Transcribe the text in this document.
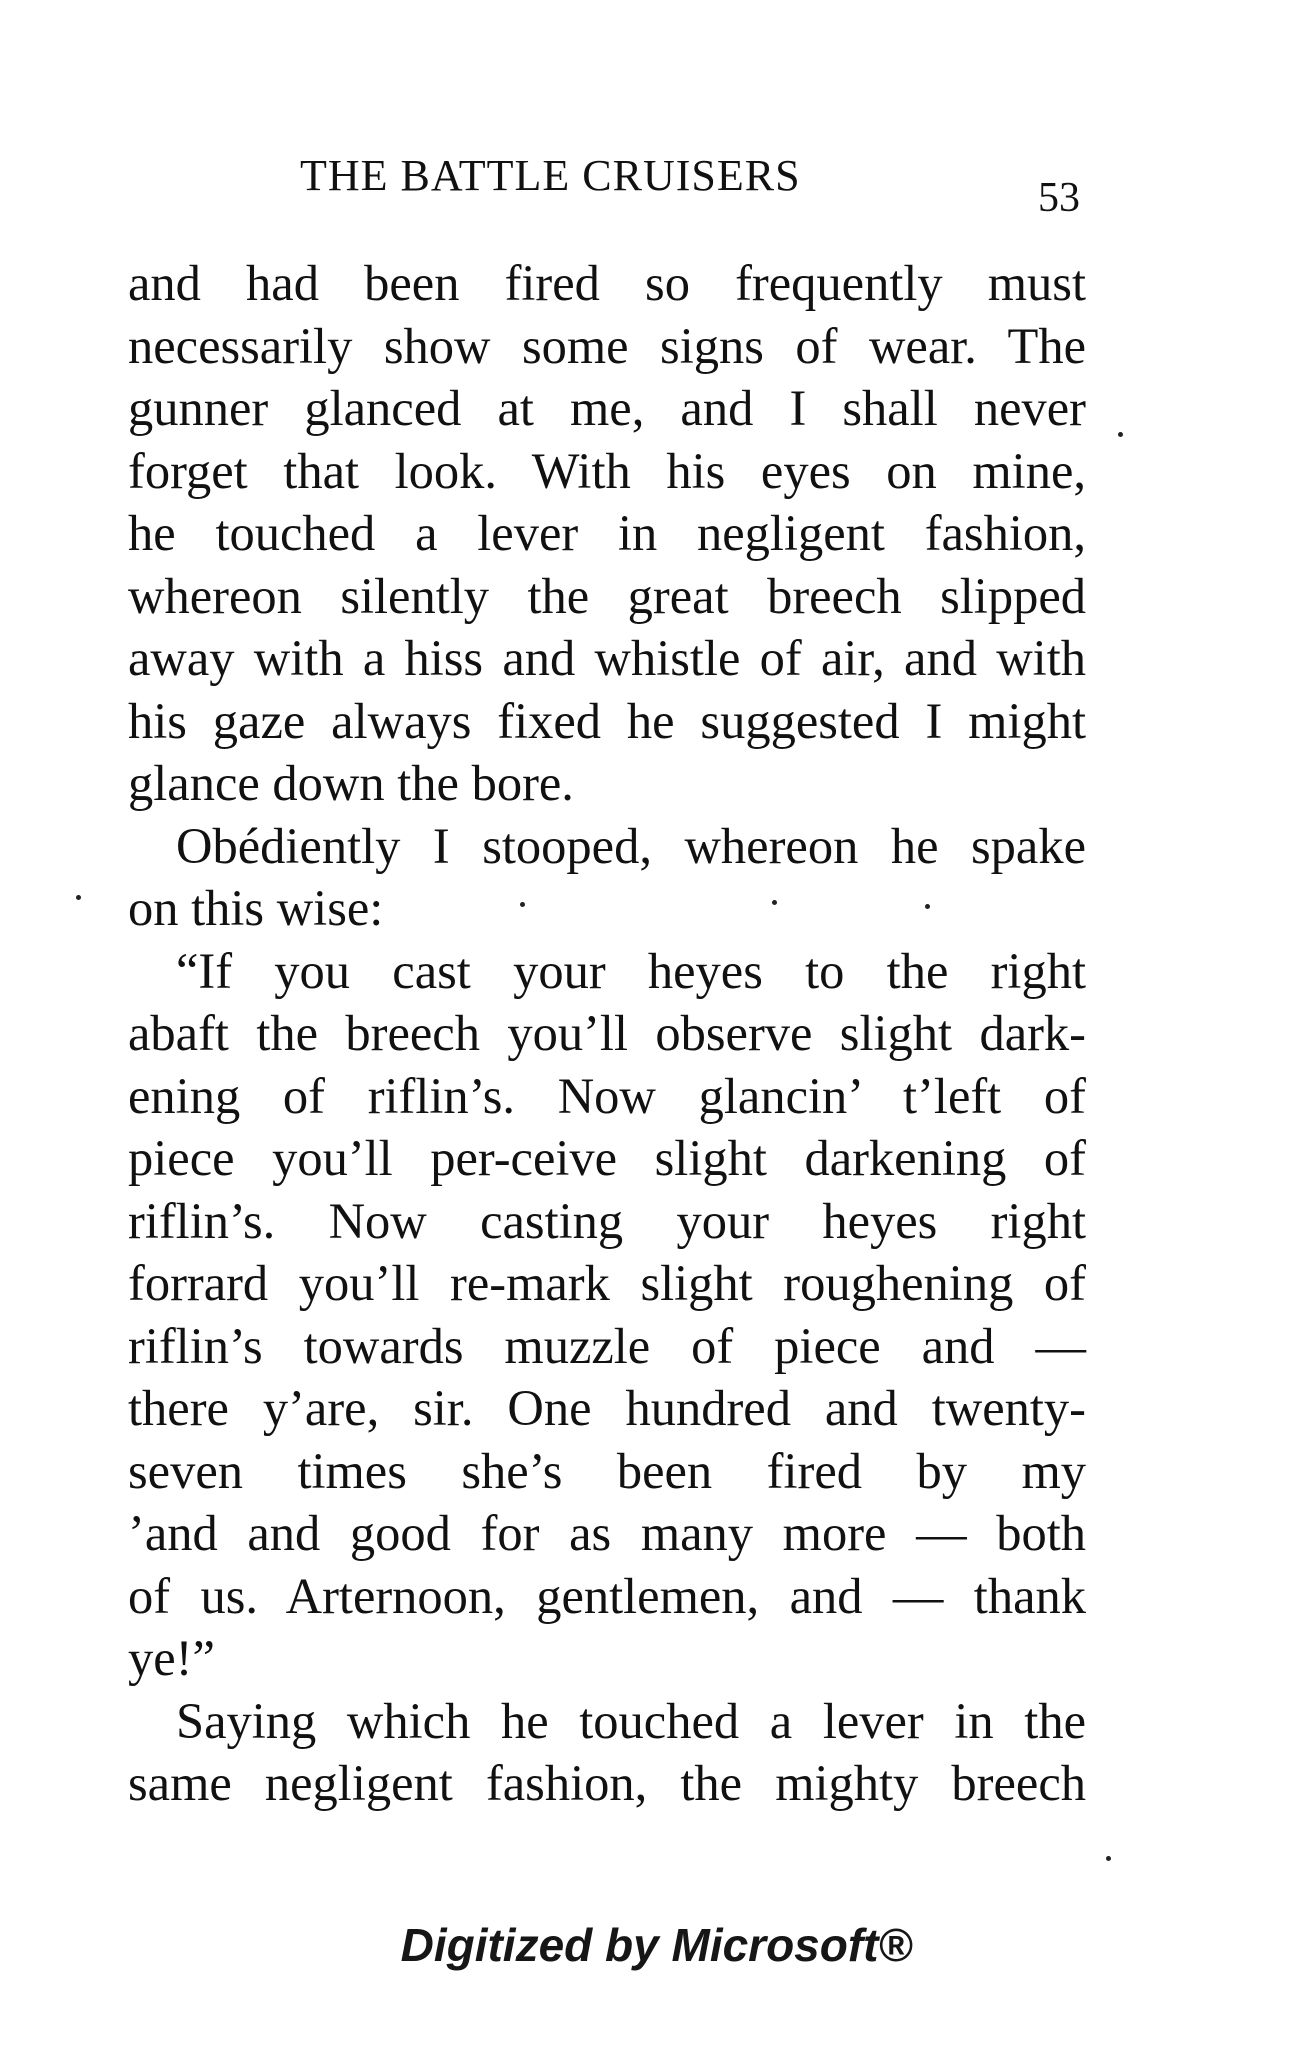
THE BATTLE CRUISERS	53
and had been fired so frequently must
necessarily show some signs of wear. The
gunner glanced at me, and I shall never
forget that look. With his eyes on mine,
he touched a lever in negligent fashion,
whereon silently the great breech slipped
away with a hiss and whistle of air, and with
his gaze always fixed he suggested I might
glance down the bore.
Obédiently I stooped, whereon he spake
on this wise:
“If you cast your heyes to the right
abaft the breech you’ll observe slight dark-
ening of riflin’s. Now glancin’ t’left of
piece you’ll per-ceive slight darkening of
riflin’s. Now casting your heyes right
forrard you’ll re-mark slight roughening of
riflin’s towards muzzle of piece and —
there y’are, sir. One hundred and twenty-
seven times she’s been fired by my
’and and good for as many more — both
of us. Arternoon, gentlemen, and — thank
ye!”
Saying which he touched a lever in the
same negligent fashion, the mighty breech
Digitized by Microsoft®
